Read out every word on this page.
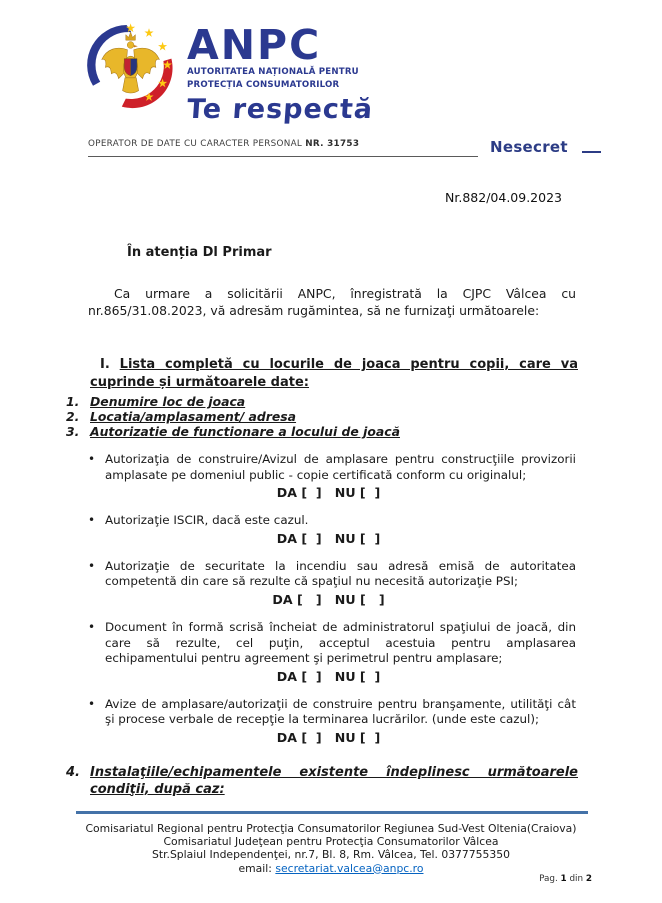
ANPC
AUTORITATEA NAȚIONALĂ PENTRU
PROTECȚIA CONSUMATORILOR
Te respectă
OPERATOR DE DATE CU CARACTER PERSONAL NR. 31753	Nesecret
Nr.882/04.09.2023
În atenția Dl Primar
Ca urmare a solicitării ANPC, înregistrată la CJPC Vâlcea cu nr.865/31.08.2023, vă adresăm rugămintea, să ne furnizaţi următoarele:
I. Lista completă cu locurile de joaca pentru copii, care va cuprinde și următoarele date:
1. Denumire loc de joaca
2. Locatia/amplasament/ adresa
3. Autorizatie de functionare a locului de joacă
• Autorizaţia de construire/Avizul de amplasare pentru construcţiile provizorii amplasate pe domeniul public - copie certificată conform cu originalul;
DA [  ]   NU [  ]
• Autorizaţie ISCIR, dacă este cazul.
DA [  ]   NU [  ]
• Autorizaţie de securitate la incendiu sau adresă emisă de autoritatea competentă din care să rezulte că spaţiul nu necesită autorizaţie PSI;
DA [   ]   NU [   ]
• Document în formă scrisă încheiat de administratorul spaţiului de joacă, din care să rezulte, cel puţin, acceptul acestuia pentru amplasarea echipamentului pentru agreement şi perimetrul pentru amplasare;
DA [  ]   NU [  ]
• Avize de amplasare/autorizaţii de construire pentru branşamente, utilităţi cât şi procese verbale de recepţie la terminarea lucrărilor. (unde este cazul);
DA [  ]   NU [  ]
4. Instalaţiile/echipamentele existente îndeplinesc următoarele condiţii, după caz:
Comisariatul Regional pentru Protecţia Consumatorilor Regiunea Sud-Vest Oltenia(Craiova)
Comisariatul Judeţean pentru Protecţia Consumatorilor Vâlcea
Str.Splaiul Independenţei, nr.7, Bl. 8, Rm. Vâlcea, Tel. 0377755350
email: secretariat.valcea@anpc.ro
Pag. 1 din 2
